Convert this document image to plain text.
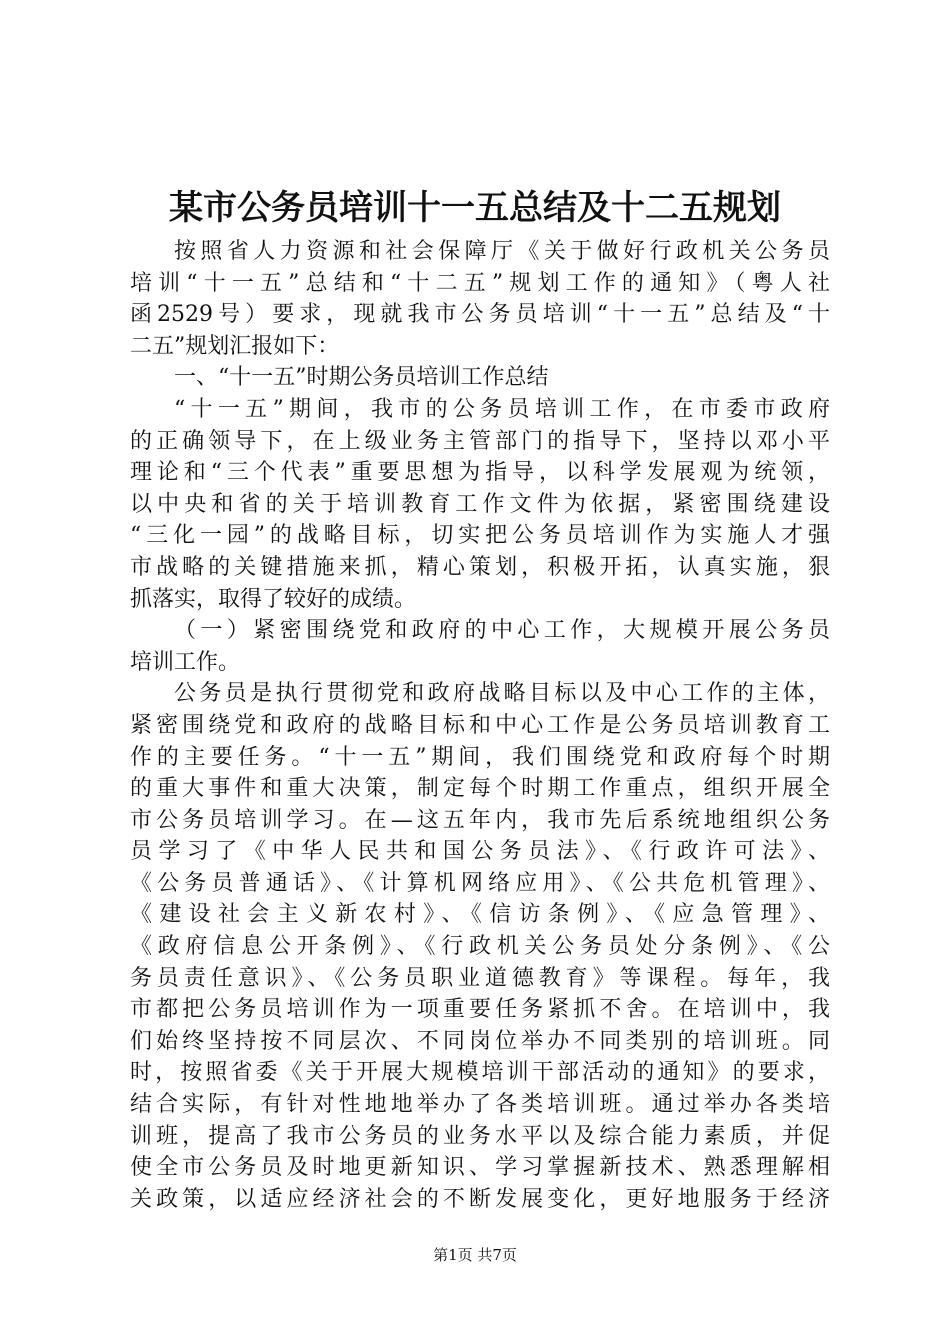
某市公务员培训十一五总结及十二五规划
按照省人力资源和社会保障厅《关于做好行政机关公务员
培训“十一五”总结和“十二五”规划工作的通知》（粤人社
函2529号）要求，现就我市公务员培训“十一五”总结及“十
二五”规划汇报如下：
一、“十一五”时期公务员培训工作总结
“十一五”期间，我市的公务员培训工作，在市委市政府
的正确领导下，在上级业务主管部门的指导下，坚持以邓小平
理论和“三个代表”重要思想为指导，以科学发展观为统领，
以中央和省的关于培训教育工作文件为依据，紧密围绕建设
“三化一园”的战略目标，切实把公务员培训作为实施人才强
市战略的关键措施来抓，精心策划，积极开拓，认真实施，狠
抓落实，取得了较好的成绩。
（一）紧密围绕党和政府的中心工作，大规模开展公务员
培训工作。
公务员是执行贯彻党和政府战略目标以及中心工作的主体，
紧密围绕党和政府的战略目标和中心工作是公务员培训教育工
作的主要任务。“十一五”期间，我们围绕党和政府每个时期
的重大事件和重大决策，制定每个时期工作重点，组织开展全
市公务员培训学习。在—这五年内，我市先后系统地组织公务
员学习了《中华人民共和国公务员法》、《行政许可法》、
《公务员普通话》、《计算机网络应用》、《公共危机管理》、
《建设社会主义新农村》、《信访条例》、《应急管理》、
《政府信息公开条例》、《行政机关公务员处分条例》、《公
务员责任意识》、《公务员职业道德教育》等课程。每年，我
市都把公务员培训作为一项重要任务紧抓不舍。在培训中，我
们始终坚持按不同层次、不同岗位举办不同类别的培训班。同
时，按照省委《关于开展大规模培训干部活动的通知》的要求，
结合实际，有针对性地地举办了各类培训班。通过举办各类培
训班，提高了我市公务员的业务水平以及综合能力素质，并促
使全市公务员及时地更新知识、学习掌握新技术、熟悉理解相
关政策，以适应经济社会的不断发展变化，更好地服务于经济
第1页 共7页
